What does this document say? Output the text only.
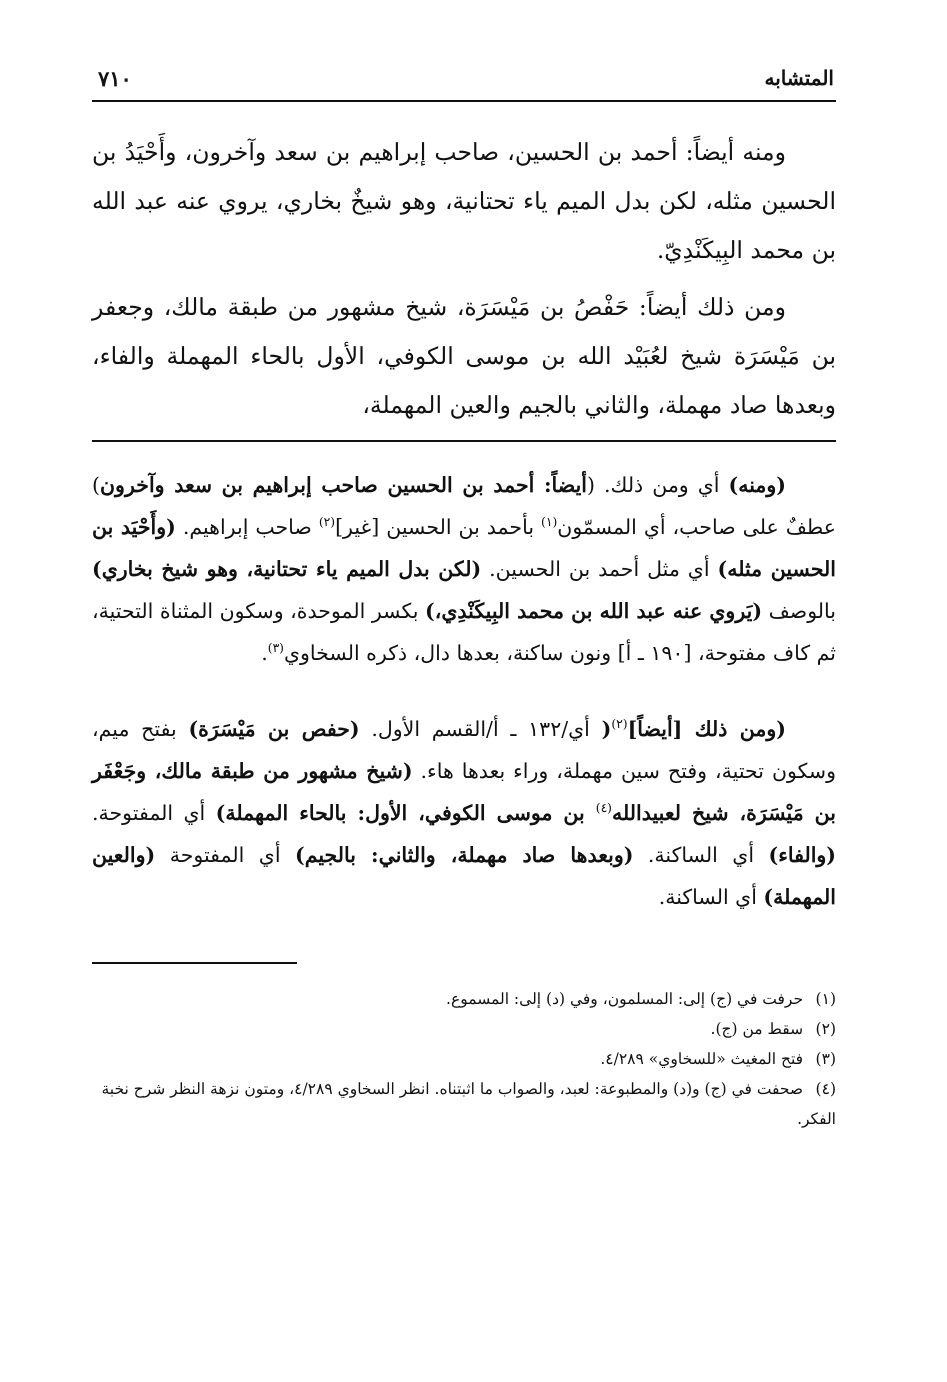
المتشابه
٧١٠

ومنه أيضاً: أحمد بن الحسين، صاحب إبراهيم بن سعد وآخرون، وأَحْيَدُ بن الحسين مثله، لكن بدل الميم ياء تحتانية، وهو شيخٌ بخاري، يروي عنه عبد الله بن محمد البِيكَنْدِيّ.

ومن ذلك أيضاً: حَفْصُ بن مَيْسَرَة، شيخ مشهور من طبقة مالك، وجعفر بن مَيْسَرَة شيخ لعُبَيْد الله بن موسى الكوفي، الأول بالحاء المهملة والفاء، وبعدها صاد مهملة، والثاني بالجيم والعين المهملة،

(ومنه) أي ومن ذلك. (أيضاً: أحمد بن الحسين صاحب إبراهيم بن سعد وآخرون) عطفٌ على صاحب، أي المسمّون$^{(١)}$ بأحمد بن الحسين [غير]$^{(٢)}$ صاحب إبراهيم. (وأَحْيَد بن الحسين مثله) أي مثل أحمد بن الحسين. (لكن بدل الميم ياء تحتانية، وهو شيخ بخاري) بالوصف (يَروي عنه عبد الله بن محمد البِيكَنْدِي،) بكسر الموحدة، وسكون المثناة التحتية، ثم كاف مفتوحة، [١٩٠ ـ أ] ونون ساكنة، بعدها دال، ذكره السخاوي$^{(٣)}$.

(ومن ذلك [أيضاً]$^{(٢)}$( أي/١٣٢ ـ أ/القسم الأول. (حفص بن مَيْسَرَة) بفتح ميم، وسكون تحتية، وفتح سين مهملة، وراء بعدها هاء. (شيخ مشهور من طبقة مالك، وجَعْفَر بن مَيْسَرَة، شيخ لعبيدالله$^{(٤)}$ بن موسى الكوفي، الأول: بالحاء المهملة) أي المفتوحة. (والفاء) أي الساكنة. (وبعدها صاد مهملة، والثاني: بالجيم) أي المفتوحة (والعين المهملة) أي الساكنة.

(١) حرفت في (ج) إلى: المسلمون، وفي (د) إلى: المسموع.

(٢) سقط من (ج).

(٣) فتح المغيث «للسخاوي» ٤/٢٨٩.

(٤) صحفت في (ج) و(د) والمطبوعة: لعبد، والصواب ما اثبتناه. انظر السخاوي ٤/٢٨٩، ومتون نزهة النظر شرح نخبة الفكر.
